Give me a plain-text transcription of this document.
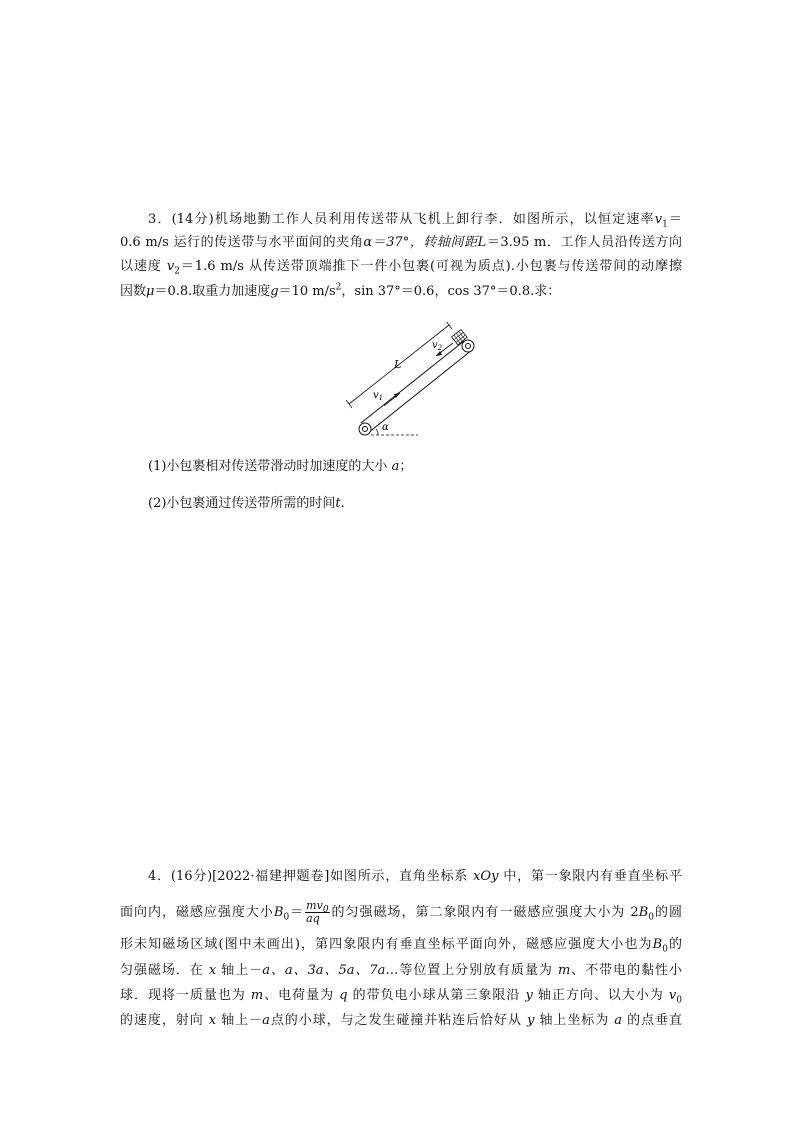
3．(14分)机场地勤工作人员利用传送带从飞机上卸行李．如图所示，以恒定速率$v_1=$
0.6 m/s 运行的传送带与水平面间的夹角α＝37°，转轴间距L＝3.95 m．工作人员沿传送方向
以速度 $v_2=1.6$ m/s 从传送带顶端推下一件小包裹(可视为质点).小包裹与传送带间的动摩擦
因数μ＝0.8.取重力加速度g＝10 $m/s^2$，sin 37°＝0.6，cos 37°＝0.8.求：
L
$v_2$
$v_1$
α
(1)小包裹相对传送带滑动时加速度的大小 a；
(2)小包裹通过传送带所需的时间t.
4．(16分)[2022·福建押题卷]如图所示，直角坐标系 xOy 中，第一象限内有垂直坐标平
面向内，磁感应强度大小$B_0= \frac{mv_0}{aq}$ 的匀强磁场，第二象限内有一磁感应强度大小为 $2B_0$的圆
形未知磁场区域(图中未画出)，第四象限内有垂直坐标平面向外，磁感应强度大小也为$B_0$的
匀强磁场．在 x 轴上－a、a、3a、5a、7a…等位置上分别放有质量为 m、不带电的黏性小
球．现将一质量也为 m、电荷量为 q 的带负电小球从第三象限沿 y 轴正方向、以大小为 $v_0$
的速度，射向 x 轴上－a点的小球，与之发生碰撞并粘连后恰好从 y 轴上坐标为 a 的点垂直
